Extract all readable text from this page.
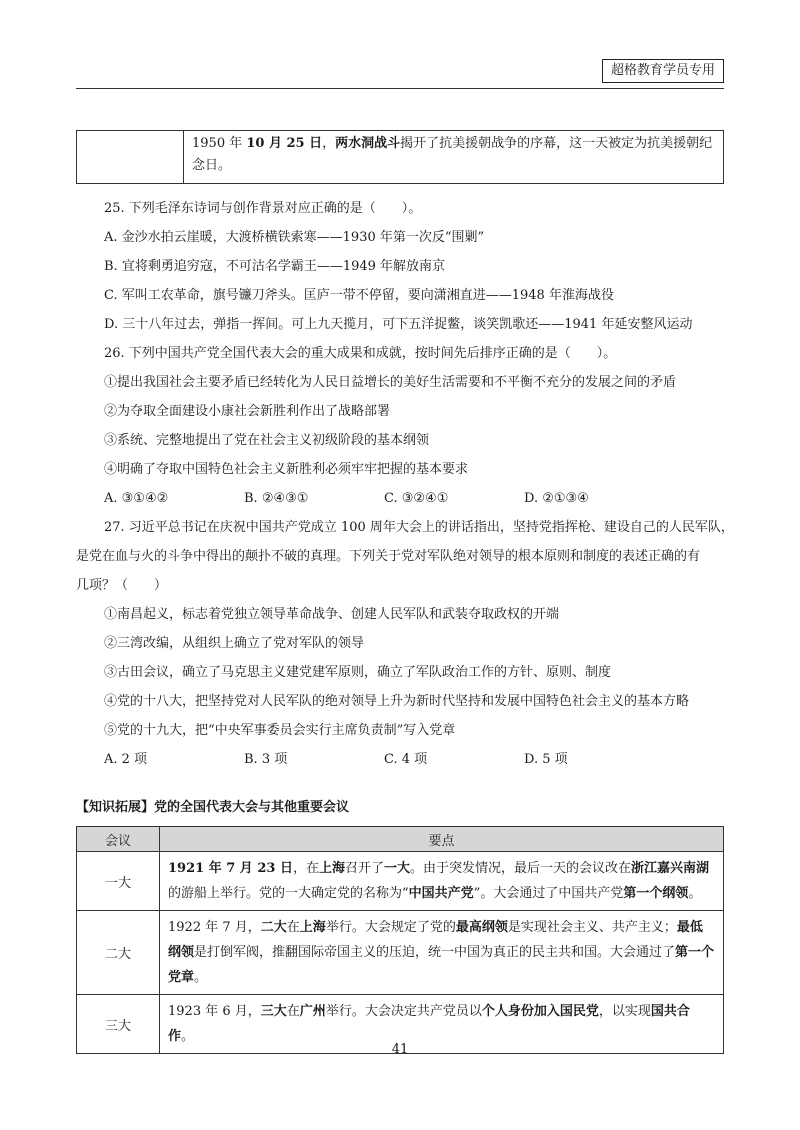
超格教育学员专用
	1950 年 10 月 25 日，两水洞战斗揭开了抗美援朝战争的序幕，这一天被定为抗美援朝纪念日。
25. 下列毛泽东诗词与创作背景对应正确的是（　　）。
A. 金沙水拍云崖暖，大渡桥横铁索寒——1930 年第一次反“围剿”
B. 宜将剩勇追穷寇，不可沽名学霸王——1949 年解放南京
C. 军叫工农革命，旗号镰刀斧头。匡庐一带不停留，要向潇湘直进——1948 年淮海战役
D. 三十八年过去，弹指一挥间。可上九天揽月，可下五洋捉鳖，谈笑凯歌还——1941 年延安整风运动
26. 下列中国共产党全国代表大会的重大成果和成就，按时间先后排序正确的是（　　）。
①提出我国社会主要矛盾已经转化为人民日益增长的美好生活需要和不平衡不充分的发展之间的矛盾
②为夺取全面建设小康社会新胜利作出了战略部署
③系统、完整地提出了党在社会主义初级阶段的基本纲领
④明确了夺取中国特色社会主义新胜利必须牢牢把握的基本要求
A. ③①④②	B. ②④③①	C. ③②④①	D. ②①③④
27. 习近平总书记在庆祝中国共产党成立 100 周年大会上的讲话指出，坚持党指挥枪、建设自己的人民军队，
是党在血与火的斗争中得出的颠扑不破的真理。下列关于党对军队绝对领导的根本原则和制度的表述正确的有
几项？（　　）
①南昌起义，标志着党独立领导革命战争、创建人民军队和武装夺取政权的开端
②三湾改编，从组织上确立了党对军队的领导
③古田会议，确立了马克思主义建党建军原则，确立了军队政治工作的方针、原则、制度
④党的十八大，把坚持党对人民军队的绝对领导上升为新时代坚持和发展中国特色社会主义的基本方略
⑤党的十九大，把“中央军事委员会实行主席负责制”写入党章
A. 2 项	B. 3 项	C. 4 项	D. 5 项
【知识拓展】党的全国代表大会与其他重要会议
会议	要点
一大	1921 年 7 月 23 日，在上海召开了一大。由于突发情况，最后一天的会议改在浙江嘉兴南湖的游船上举行。党的一大确定党的名称为“中国共产党”。大会通过了中国共产党第一个纲领。
二大	1922 年 7 月，二大在上海举行。大会规定了党的最高纲领是实现社会主义、共产主义；最低纲领是打倒军阀，推翻国际帝国主义的压迫，统一中国为真正的民主共和国。大会通过了第一个党章。
三大	1923 年 6 月，三大在广州举行。大会决定共产党员以个人身份加入国民党，以实现国共合作。
41
